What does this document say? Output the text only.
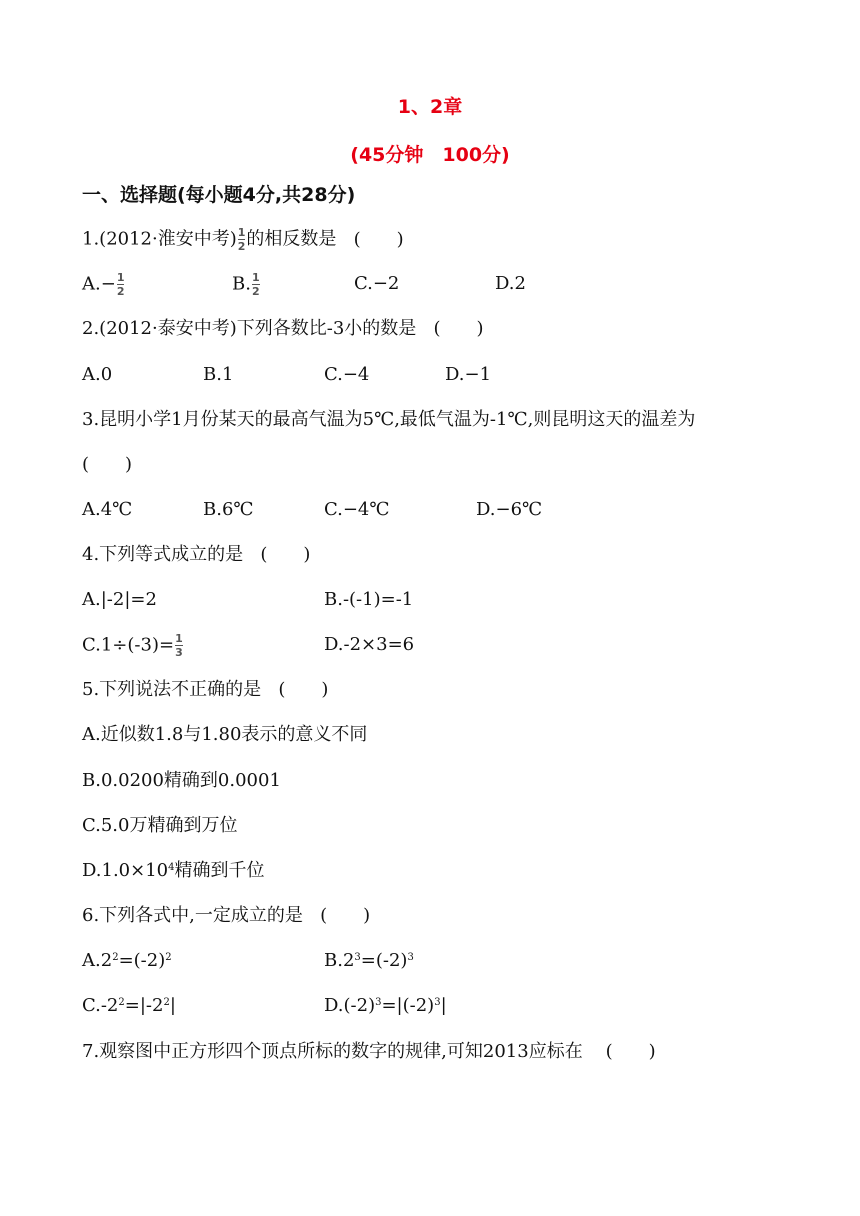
1、2章
(45分钟　100分)
一、选择题(每小题4分,共28分)
1.(2012·淮安中考) $\frac{1}{2}$ 的相反数是 (　　)
$A.- \frac{1}{2}$	B. $\frac{1}{2}$	C.−2	D.2
2.(2012·泰安中考)下列各数比-3小的数是 (　　)
A.0	B.1	C.−4	D.−1
3.昆明小学1月份某天的最高气温为5℃,最低气温为-1℃,则昆明这天的温差为
(　　)
A.4℃	B.6℃	C.−4℃	D.−6℃
4.下列等式成立的是 (　　)
A.|-2|=2	B.-(-1)=-1
$C.1\div(-3)= \frac{1}{3}$	D.-2×3=6
5.下列说法不正确的是 (　　)
A.近似数1.8与1.80表示的意义不同
B.0.0200精确到0.0001
C.5.0万精确到万位
$D.1.0\times 10^4$精确到千位
6.下列各式中,一定成立的是 (　　)
$A.2^2=(-2)^2$	$B.2^3=(-2)^3$
$C.-2^2=|-2^2|$	$D.(-2)^3=|(-2)^3|$
7.观察图中正方形四个顶点所标的数字的规律,可知2013应标在 (　　)
